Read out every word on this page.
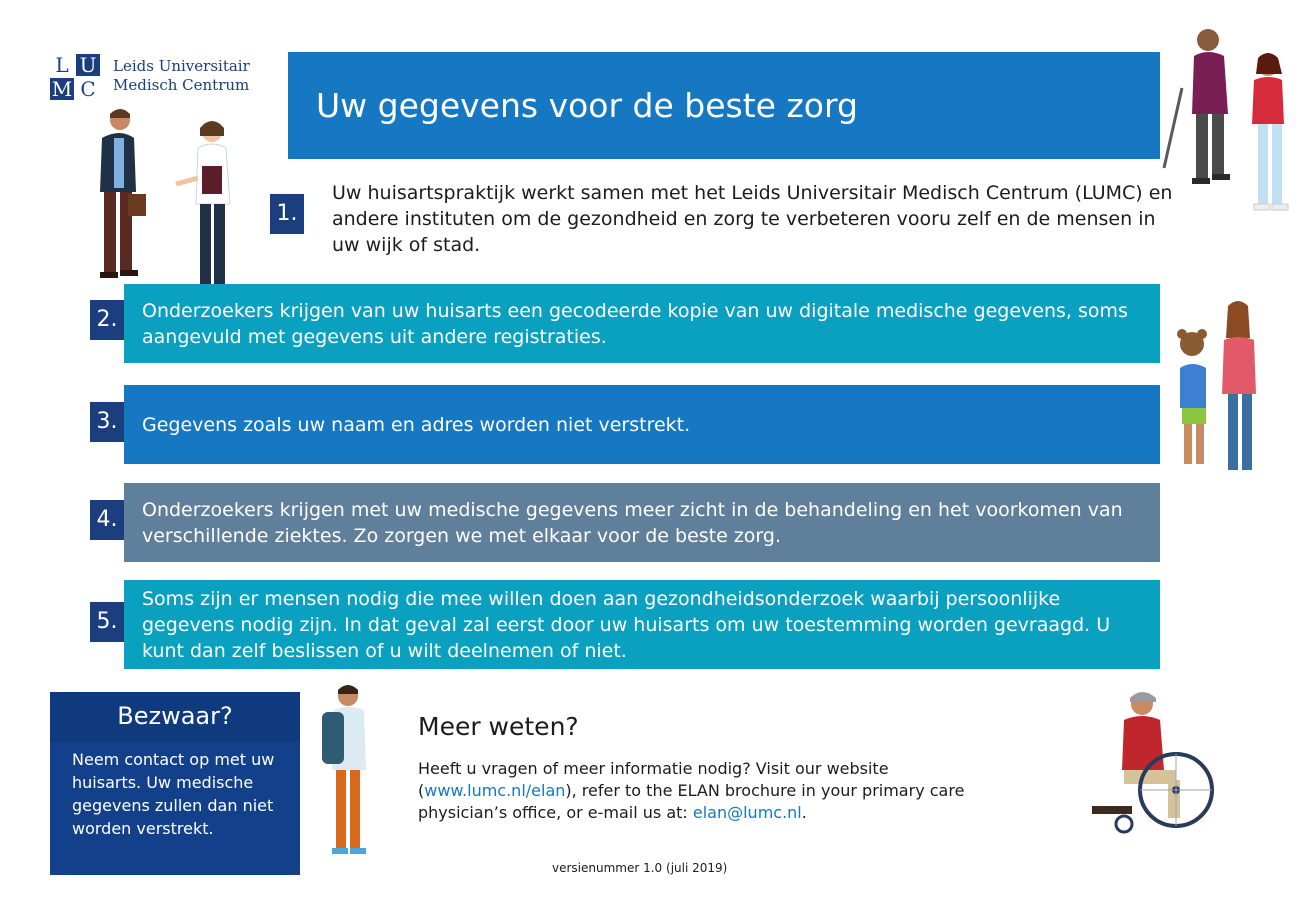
L U
M C
Leids Universitair
Medisch Centrum
Uw gegevens voor de beste zorg
1.
Uw huisartspraktijk werkt samen met het Leids Universitair Medisch Centrum (LUMC) en andere instituten om de gezondheid en zorg te verbeteren vooru zelf en de mensen in uw wijk of stad.
Onderzoekers krijgen van uw huisarts een gecodeerde kopie van uw digitale medische gegevens, soms aangevuld met gegevens uit andere registraties.
2.
Gegevens zoals uw naam en adres worden niet verstrekt.
3.
Onderzoekers krijgen met uw medische gegevens meer zicht in de behandeling en het voorkomen van verschillende ziektes. Zo zorgen we met elkaar voor de beste zorg.
4.
Soms zijn er mensen nodig die mee willen doen aan gezondheidsonderzoek waarbij persoonlijke gegevens nodig zijn. In dat geval zal eerst door uw huisarts om uw toestemming worden gevraagd. U kunt dan zelf beslissen of u wilt deelnemen of niet.
5.
Bezwaar?
Neem contact op met uw huisarts. Uw medische gegevens zullen dan niet worden verstrekt.
Meer weten?
Heeft u vragen of meer informatie nodig? Visit our website (www.lumc.nl/elan), refer to the ELAN brochure in your primary care physician’s office, or e-mail us at: elan@lumc.nl.
versienummer 1.0 (juli 2019)
